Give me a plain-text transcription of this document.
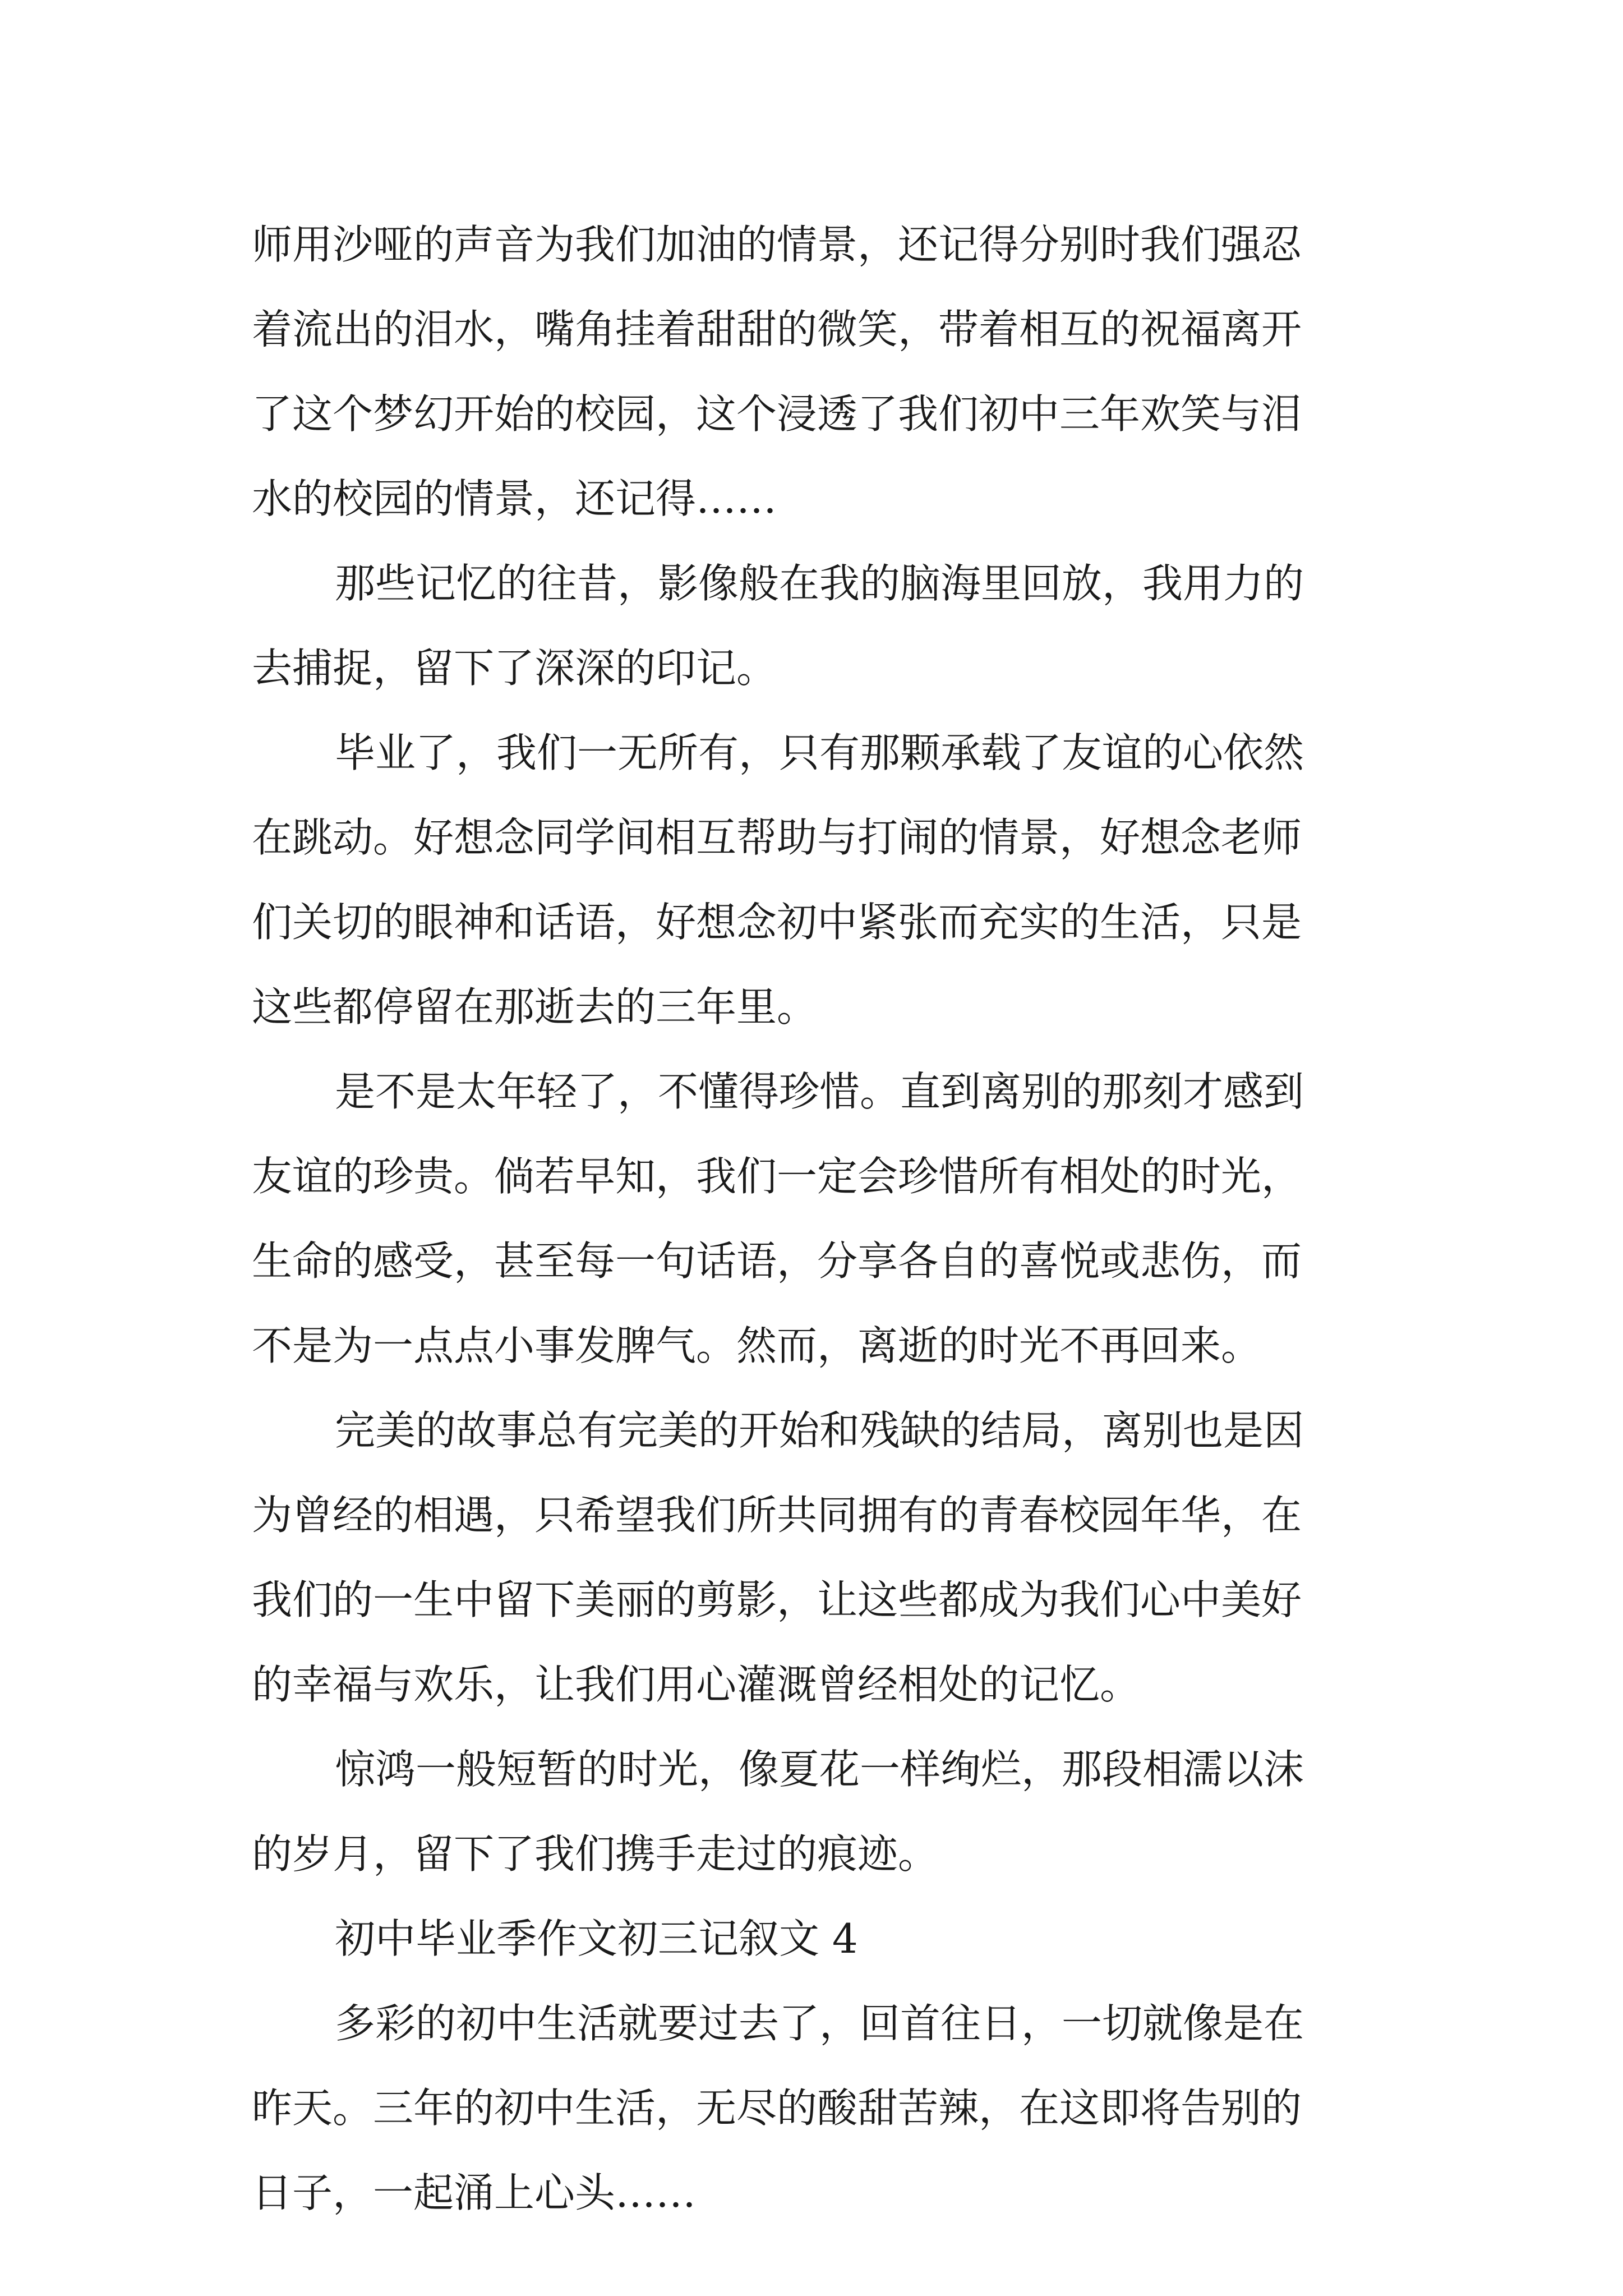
师用沙哑的声音为我们加油的情景，还记得分别时我们强忍
着流出的泪水，嘴角挂着甜甜的微笑，带着相互的祝福离开
了这个梦幻开始的校园，这个浸透了我们初中三年欢笑与泪
水的校园的情景，还记得……

那些记忆的往昔，影像般在我的脑海里回放，我用力的
去捕捉，留下了深深的印记。

毕业了，我们一无所有，只有那颗承载了友谊的心依然
在跳动。好想念同学间相互帮助与打闹的情景，好想念老师
们关切的眼神和话语，好想念初中紧张而充实的生活，只是
这些都停留在那逝去的三年里。

是不是太年轻了，不懂得珍惜。直到离别的那刻才感到
友谊的珍贵。倘若早知，我们一定会珍惜所有相处的时光，
生命的感受，甚至每一句话语，分享各自的喜悦或悲伤，而
不是为一点点小事发脾气。然而，离逝的时光不再回来。

完美的故事总有完美的开始和残缺的结局，离别也是因
为曾经的相遇，只希望我们所共同拥有的青春校园年华，在
我们的一生中留下美丽的剪影，让这些都成为我们心中美好
的幸福与欢乐，让我们用心灌溉曾经相处的记忆。

惊鸿一般短暂的时光，像夏花一样绚烂，那段相濡以沫
的岁月，留下了我们携手走过的痕迹。

初中毕业季作文初三记叙文 4

多彩的初中生活就要过去了，回首往日，一切就像是在
昨天。三年的初中生活，无尽的酸甜苦辣，在这即将告别的
日子，一起涌上心头……
